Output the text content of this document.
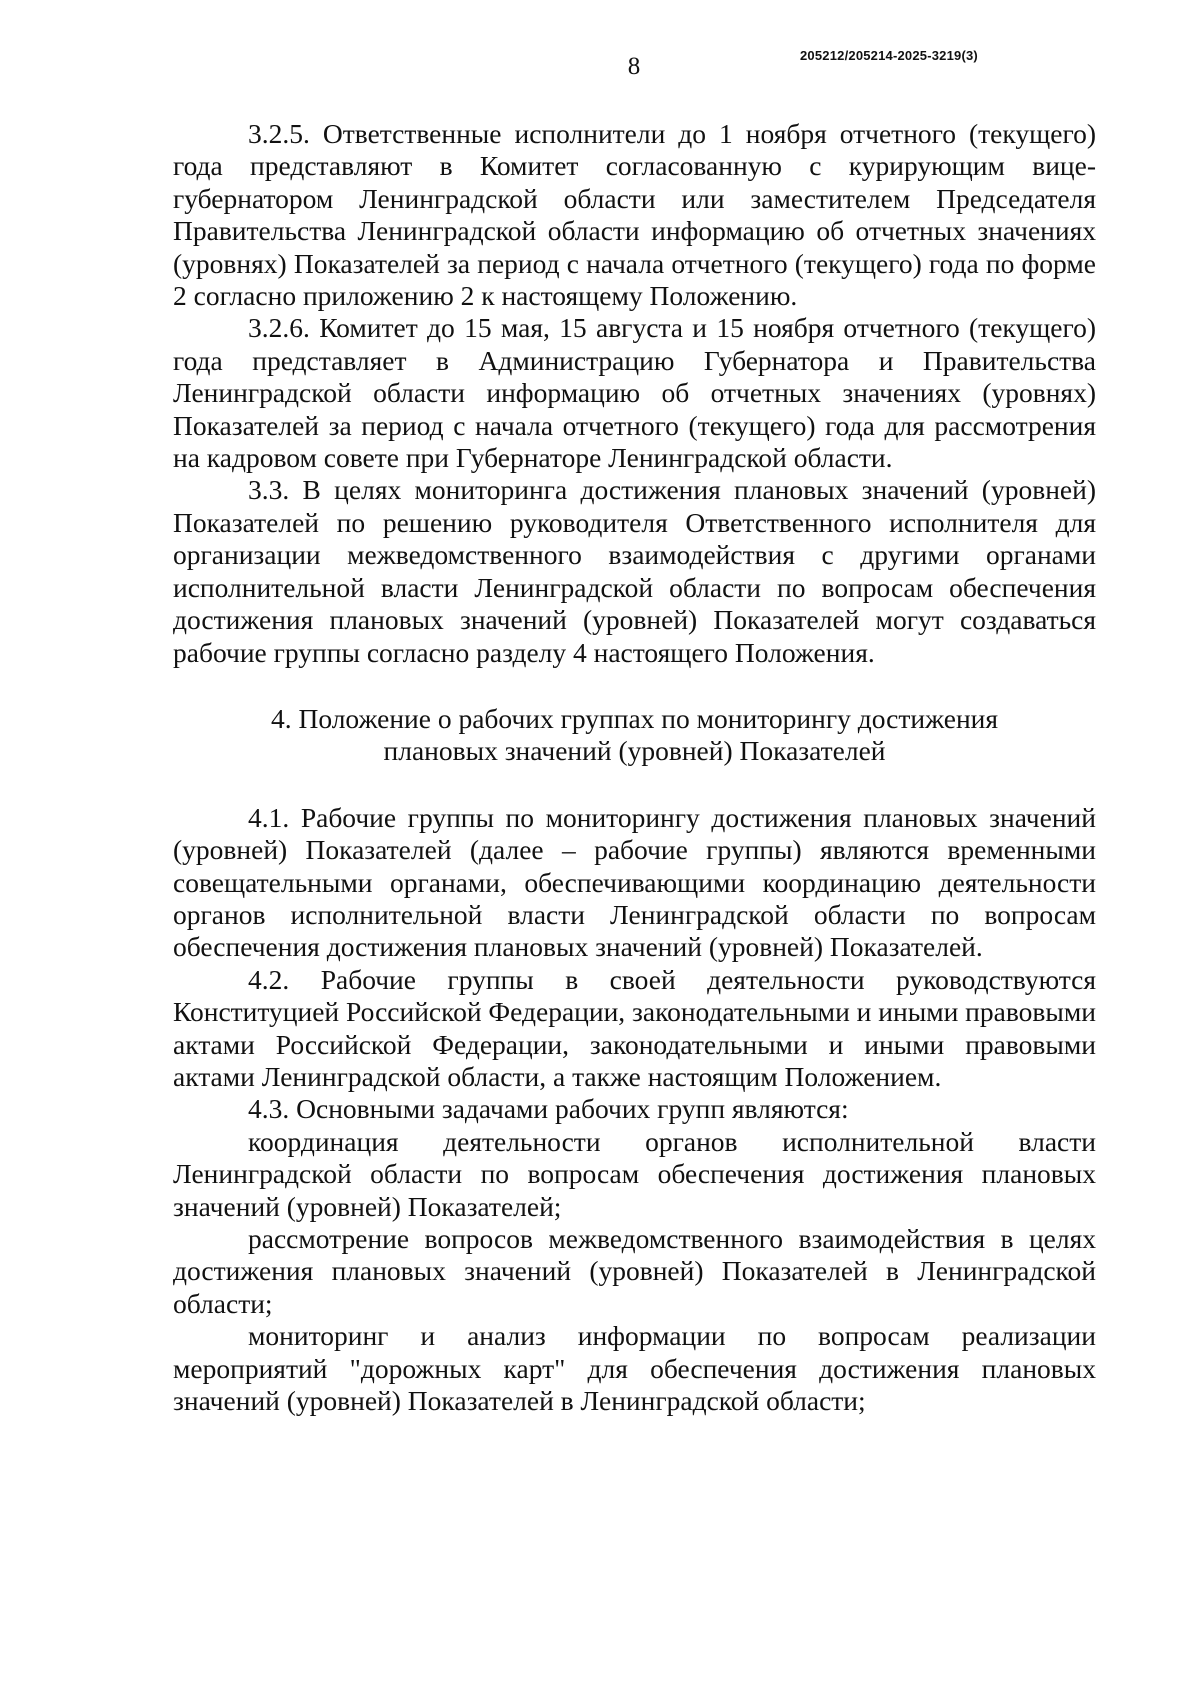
8	205212/205214-2025-3219(3)

3.2.5. Ответственные исполнители до 1 ноября отчетного (текущего) года представляют в Комитет согласованную с курирующим вице-губернатором Ленинградской области или заместителем Председателя Правительства Ленинградской области информацию об отчетных значениях (уровнях) Показателей за период с начала отчетного (текущего) года по форме 2 согласно приложению 2 к настоящему Положению.

3.2.6. Комитет до 15 мая, 15 августа и 15 ноября отчетного (текущего) года представляет в Администрацию Губернатора и Правительства Ленинградской области информацию об отчетных значениях (уровнях) Показателей за период с начала отчетного (текущего) года для рассмотрения на кадровом совете при Губернаторе Ленинградской области.

3.3. В целях мониторинга достижения плановых значений (уровней) Показателей по решению руководителя Ответственного исполнителя для организации межведомственного взаимодействия с другими органами исполнительной власти Ленинградской области по вопросам обеспечения достижения плановых значений (уровней) Показателей могут создаваться рабочие группы согласно разделу 4 настоящего Положения.

4. Положение о рабочих группах по мониторингу достижения
плановых значений (уровней) Показателей

4.1. Рабочие группы по мониторингу достижения плановых значений (уровней) Показателей (далее – рабочие группы) являются временными совещательными органами, обеспечивающими координацию деятельности органов исполнительной власти Ленинградской области по вопросам обеспечения достижения плановых значений (уровней) Показателей.

4.2. Рабочие группы в своей деятельности руководствуются Конституцией Российской Федерации, законодательными и иными правовыми актами Российской Федерации, законодательными и иными правовыми актами Ленинградской области, а также настоящим Положением.

4.3. Основными задачами рабочих групп являются:

координация деятельности органов исполнительной власти Ленинградской области по вопросам обеспечения достижения плановых значений (уровней) Показателей;

рассмотрение вопросов межведомственного взаимодействия в целях достижения плановых значений (уровней) Показателей в Ленинградской области;

мониторинг и анализ информации по вопросам реализации мероприятий "дорожных карт" для обеспечения достижения плановых значений (уровней) Показателей в Ленинградской области;
